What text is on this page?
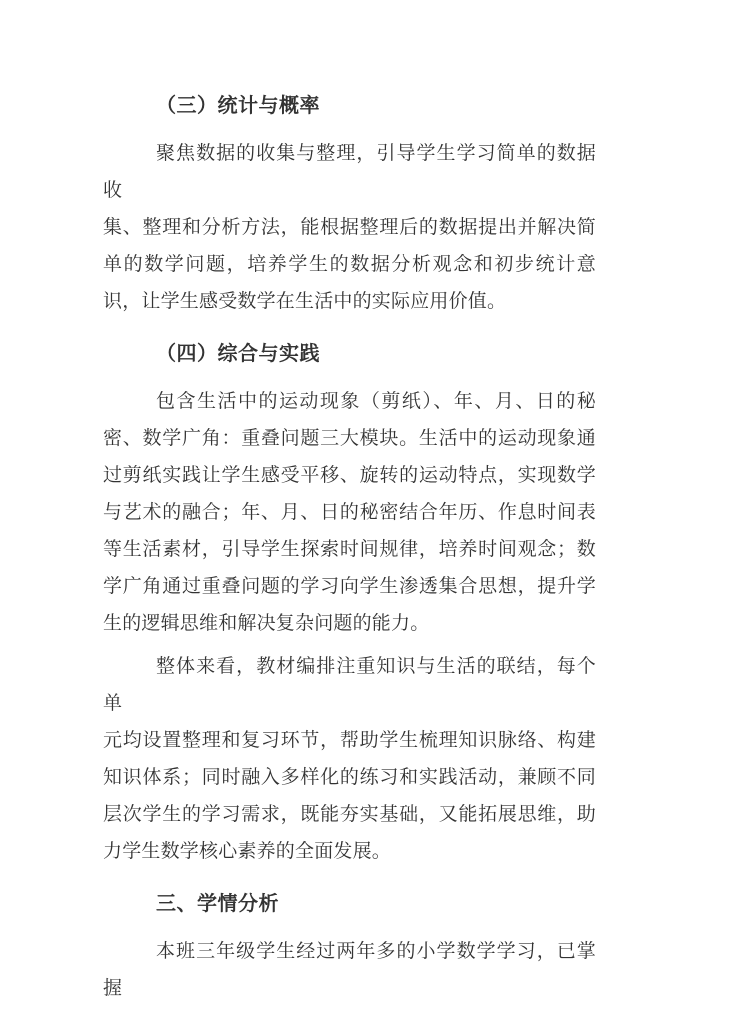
（三）统计与概率
聚焦数据的收集与整理，引导学生学习简单的数据收
集、整理和分析方法，能根据整理后的数据提出并解决简
单的数学问题，培养学生的数据分析观念和初步统计意
识，让学生感受数学在生活中的实际应用价值。
（四）综合与实践
包含生活中的运动现象（剪纸）、年、月、日的秘
密、数学广角：重叠问题三大模块。生活中的运动现象通
过剪纸实践让学生感受平移、旋转的运动特点，实现数学
与艺术的融合；年、月、日的秘密结合年历、作息时间表
等生活素材，引导学生探索时间规律，培养时间观念；数
学广角通过重叠问题的学习向学生渗透集合思想，提升学
生的逻辑思维和解决复杂问题的能力。
整体来看，教材编排注重知识与生活的联结，每个单
元均设置整理和复习环节，帮助学生梳理知识脉络、构建
知识体系；同时融入多样化的练习和实践活动，兼顾不同
层次学生的学习需求，既能夯实基础，又能拓展思维，助
力学生数学核心素养的全面发展。
三、学情分析
本班三年级学生经过两年多的小学数学学习，已掌握
